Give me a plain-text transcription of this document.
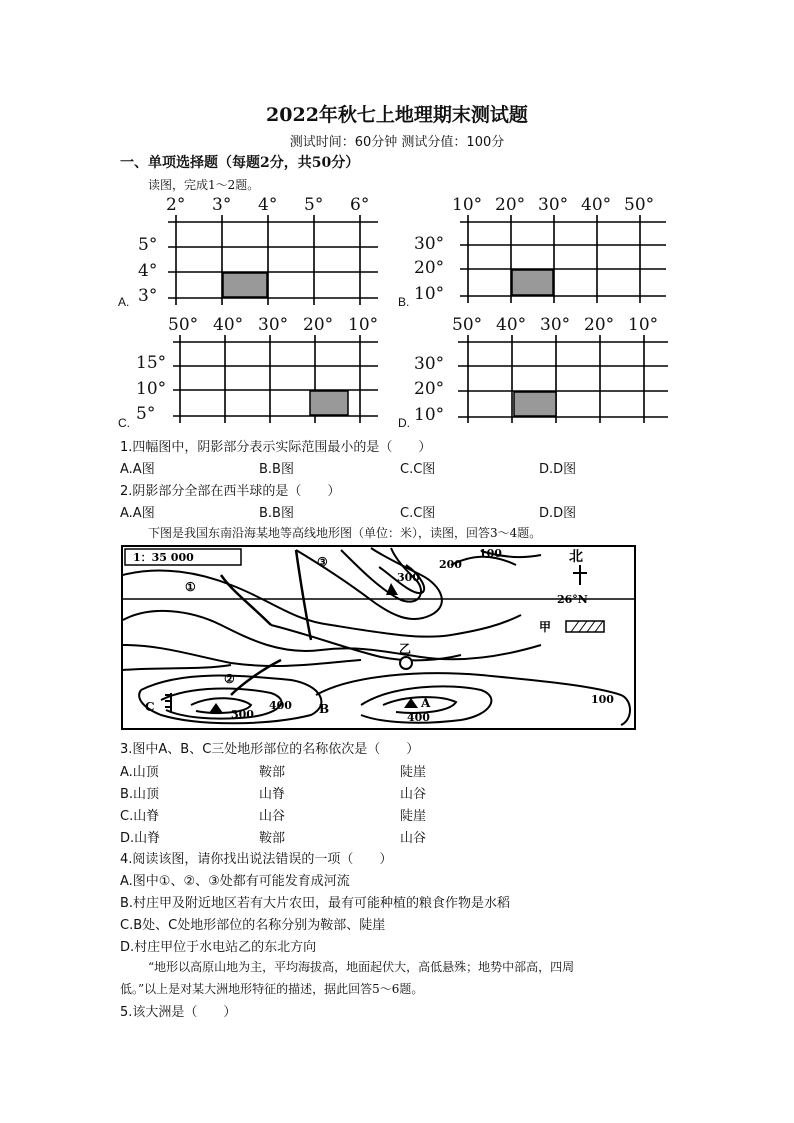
2022年秋七上地理期末测试题
测试时间：60分钟 测试分值：100分
一、单项选择题（每题2分，共50分）
读图，完成1～2题。
A.
2° 3° 4° 5° 6°
5°
4°
3°	B.
10° 20° 30° 40° 50°
30°
20°
10°
C.
50° 40° 30° 20° 10°
15°
10°
5°	D.
50° 40° 30° 20° 10°
30°
20°
10°
1.四幅图中，阴影部分表示实际范围最小的是（　　）
A.A图	B.B图	C.C图	D.D图
2.阴影部分全部在西半球的是（　　）
A.A图	B.B图	C.C图	D.D图
下图是我国东南沿海某地等高线地形图（单位：米），读图，回答3～4题。
1：35 000
26°N
北
甲
乙
100
200
300
400
400
300
100
A
B
C
①
②
③
3.图中A、B、C三处地形部位的名称依次是（　　）
A.山顶	鞍部	陡崖
B.山顶	山脊	山谷
C.山脊	山谷	陡崖
D.山脊	鞍部	山谷
4.阅读该图，请你找出说法错误的一项（　　）
A.图中①、②、③处都有可能发育成河流
B.村庄甲及附近地区若有大片农田，最有可能种植的粮食作物是水稻
C.B处、C处地形部位的名称分别为鞍部、陡崖
D.村庄甲位于水电站乙的东北方向
“地形以高原山地为主，平均海拔高，地面起伏大，高低悬殊；地势中部高，四周
低。”以上是对某大洲地形特征的描述，据此回答5～6题。
5.该大洲是（　　）
